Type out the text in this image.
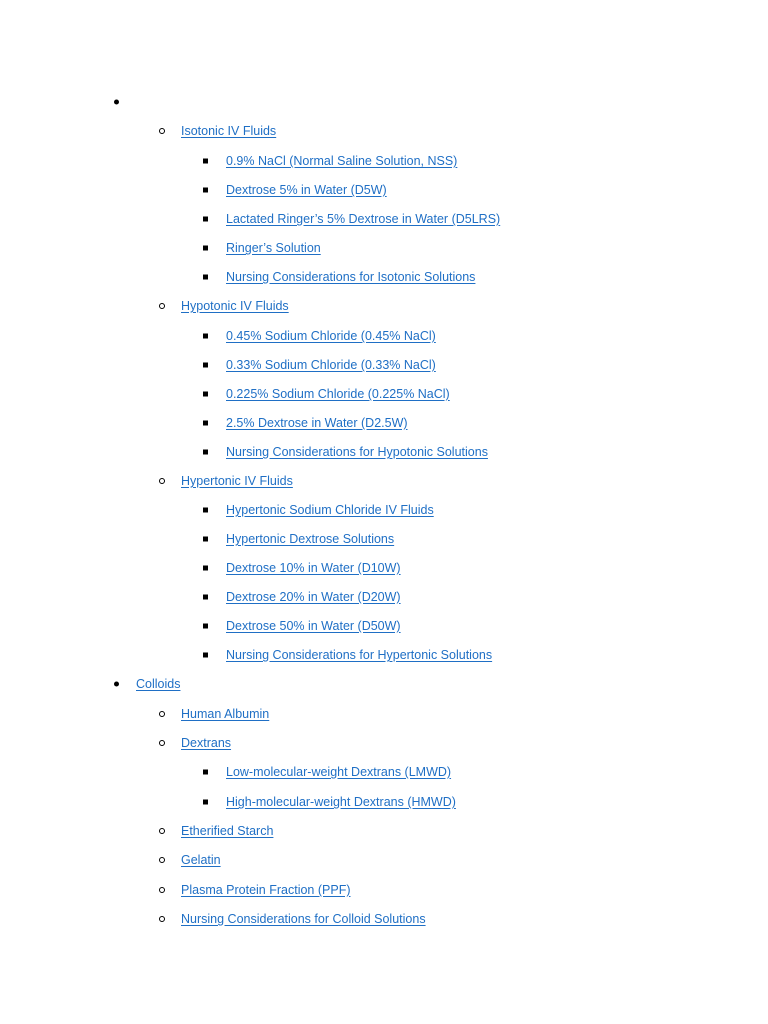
Isotonic IV Fluids
0.9% NaCl (Normal Saline Solution, NSS)
Dextrose 5% in Water (D5W)
Lactated Ringer’s 5% Dextrose in Water (D5LRS)
Ringer’s Solution
Nursing Considerations for Isotonic Solutions
Hypotonic IV Fluids
0.45% Sodium Chloride (0.45% NaCl)
0.33% Sodium Chloride (0.33% NaCl)
0.225% Sodium Chloride (0.225% NaCl)
2.5% Dextrose in Water (D2.5W)
Nursing Considerations for Hypotonic Solutions
Hypertonic IV Fluids
Hypertonic Sodium Chloride IV Fluids
Hypertonic Dextrose Solutions
Dextrose 10% in Water (D10W)
Dextrose 20% in Water (D20W)
Dextrose 50% in Water (D50W)
Nursing Considerations for Hypertonic Solutions
Colloids
Human Albumin
Dextrans
Low-molecular-weight Dextrans (LMWD)
High-molecular-weight Dextrans (HMWD)
Etherified Starch
Gelatin
Plasma Protein Fraction (PPF)
Nursing Considerations for Colloid Solutions
